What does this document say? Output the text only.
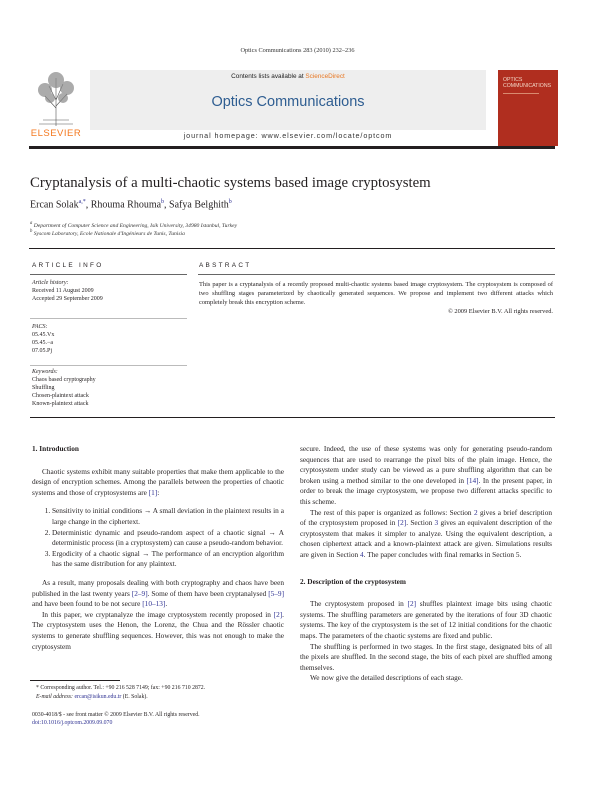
Optics Communications 283 (2010) 232–236
ELSEVIER
Contents lists available at ScienceDirect
Optics Communications
journal homepage: www.elsevier.com/locate/optcom
OPTICS COMMUNICATIONS
Cryptanalysis of a multi-chaotic systems based image cryptosystem
Ercan Solak$^{a,*}$, Rhouma Rhouma$^b$, Safya Belghith$^b$
$^a$ Department of Computer Science and Engineering, Isik University, 34980 Istanbul, Turkey
$^b$ Syscom Laboratory, Ecole Nationale d'Ingénieurs de Tunis, Tunisia
ARTICLE INFO	ABSTRACT
Article history:
Received 11 August 2009
Accepted 29 September 2009
PACS:
05.45.Vx
05.45.−a
07.05.Pj
Keywords:
Chaos based cryptography
Shuffling
Chosen-plaintext attack
Known-plaintext attack
This paper is a cryptanalysis of a recently proposed multi-chaotic systems based image cryptosystem. The cryptosystem is composed of two shuffling stages parameterized by chaotically generated sequences. We propose and implement two different attacks which completely break this encryption scheme.
© 2009 Elsevier B.V. All rights reserved.
1. Introduction

Chaotic systems exhibit many suitable properties that make them applicable to the design of encryption schemes. Among the parallels between the properties of chaotic systems and those of cryptosystems are [1]:

1. Sensitivity to initial conditions → A small deviation in the plaintext results in a large change in the ciphertext.
2. Deterministic dynamic and pseudo-random aspect of a chaotic signal → A deterministic process (in a cryptosystem) can cause a pseudo-random behavior.
3. Ergodicity of a chaotic signal → The performance of an encryption algorithm has the same distribution for any plaintext.

As a result, many proposals dealing with both cryptography and chaos have been published in the last twenty years [2–9]. Some of them have been cryptanalysed [5–9] and have been found to be not secure [10–13].

In this paper, we cryptanalyze the image cryptosystem recently proposed in [2]. The cryptosystem uses the Henon, the Lorenz, the Chua and the Rössler chaotic systems to generate shuffling sequences. However, this was not enough to make the cryptosystem

secure. Indeed, the use of these systems was only for generating pseudo-random sequences that are used to rearrange the pixel bits of the plain image. Hence, the cryptosystem under study can be viewed as a pure shuffling algorithm that can be broken using a method similar to the one developed in [14]. In the present paper, in order to break the image cryptosystem, we propose two different attacks specific to this scheme.

The rest of this paper is organized as follows: Section 2 gives a brief description of the cryptosystem proposed in [2]. Section 3 gives an equivalent description of the cryptosystem that makes it simpler to analyze. Using the equivalent description, a chosen ciphertext attack and a known-plaintext attack are given. Simulations results are given in Section 4. The paper concludes with final remarks in Section 5.

2. Description of the cryptosystem

The cryptosystem proposed in [2] shuffles plaintext image bits using chaotic systems. The shuffling parameters are generated by the iterations of four 3D chaotic systems. The key of the cryptosystem is the set of 12 initial conditions for the chaotic maps. The parameters of the chaotic systems are fixed and public.

The shuffling is performed in two stages. In the first stage, designated bits of all the pixels are shuffled. In the second stage, the bits of each pixel are shuffled among themselves.

We now give the detailed descriptions of each stage.

* Corresponding author. Tel.: +90 216 528 7149; fax: +90 216 710 2872.
E-mail address: ercan@isikun.edu.tr (E. Solak).
0030-4018/$ - see front matter © 2009 Elsevier B.V. All rights reserved.
doi:10.1016/j.optcom.2009.09.070
